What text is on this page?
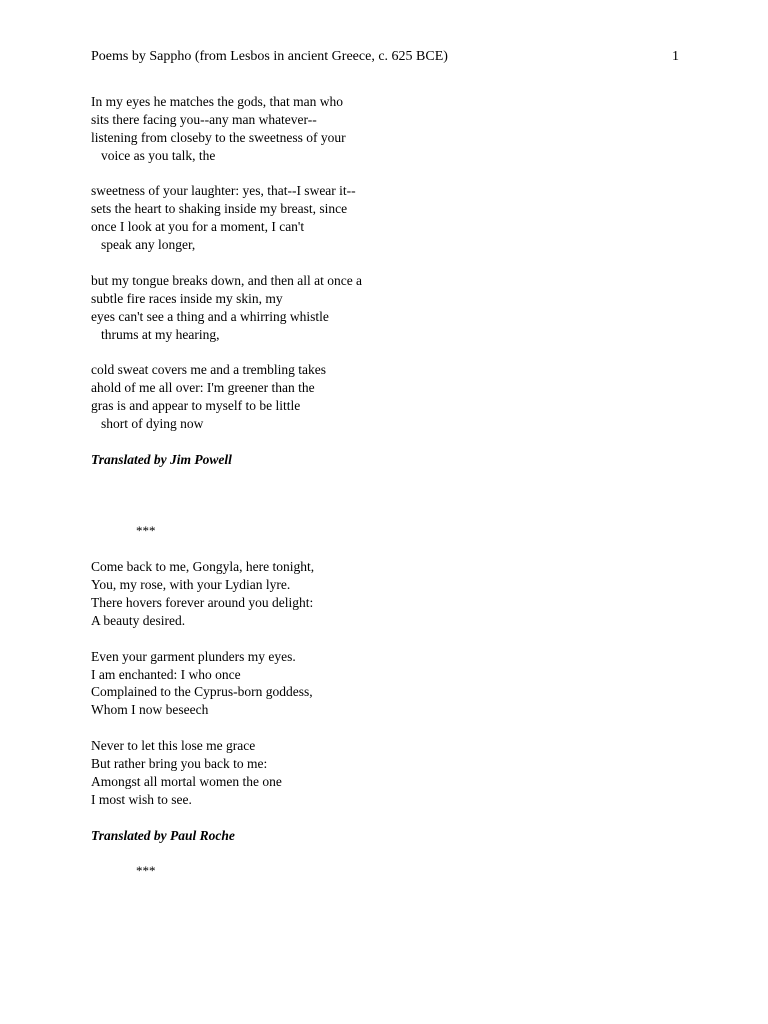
Poems by Sappho (from Lesbos in ancient Greece, c. 625 BCE)	1
In my eyes he matches the gods, that man who
sits there facing you--any man whatever--
listening from closeby to the sweetness of your
voice as you talk, the
sweetness of your laughter: yes, that--I swear it--
sets the heart to shaking inside my breast, since
once I look at you for a moment, I can't
speak any longer,
but my tongue breaks down, and then all at once a
subtle fire races inside my skin, my
eyes can't see a thing and a whirring whistle
thrums at my hearing,
cold sweat covers me and a trembling takes
ahold of me all over: I'm greener than the
gras is and appear to myself to be little
short of dying now
Translated by Jim Powell
***
Come back to me, Gongyla, here tonight,
You, my rose, with your Lydian lyre.
There hovers forever around you delight:
A beauty desired.
Even your garment plunders my eyes.
I am enchanted: I who once
Complained to the Cyprus-born goddess,
Whom I now beseech
Never to let this lose me grace
But rather bring you back to me:
Amongst all mortal women the one
I most wish to see.
Translated by Paul Roche
***
